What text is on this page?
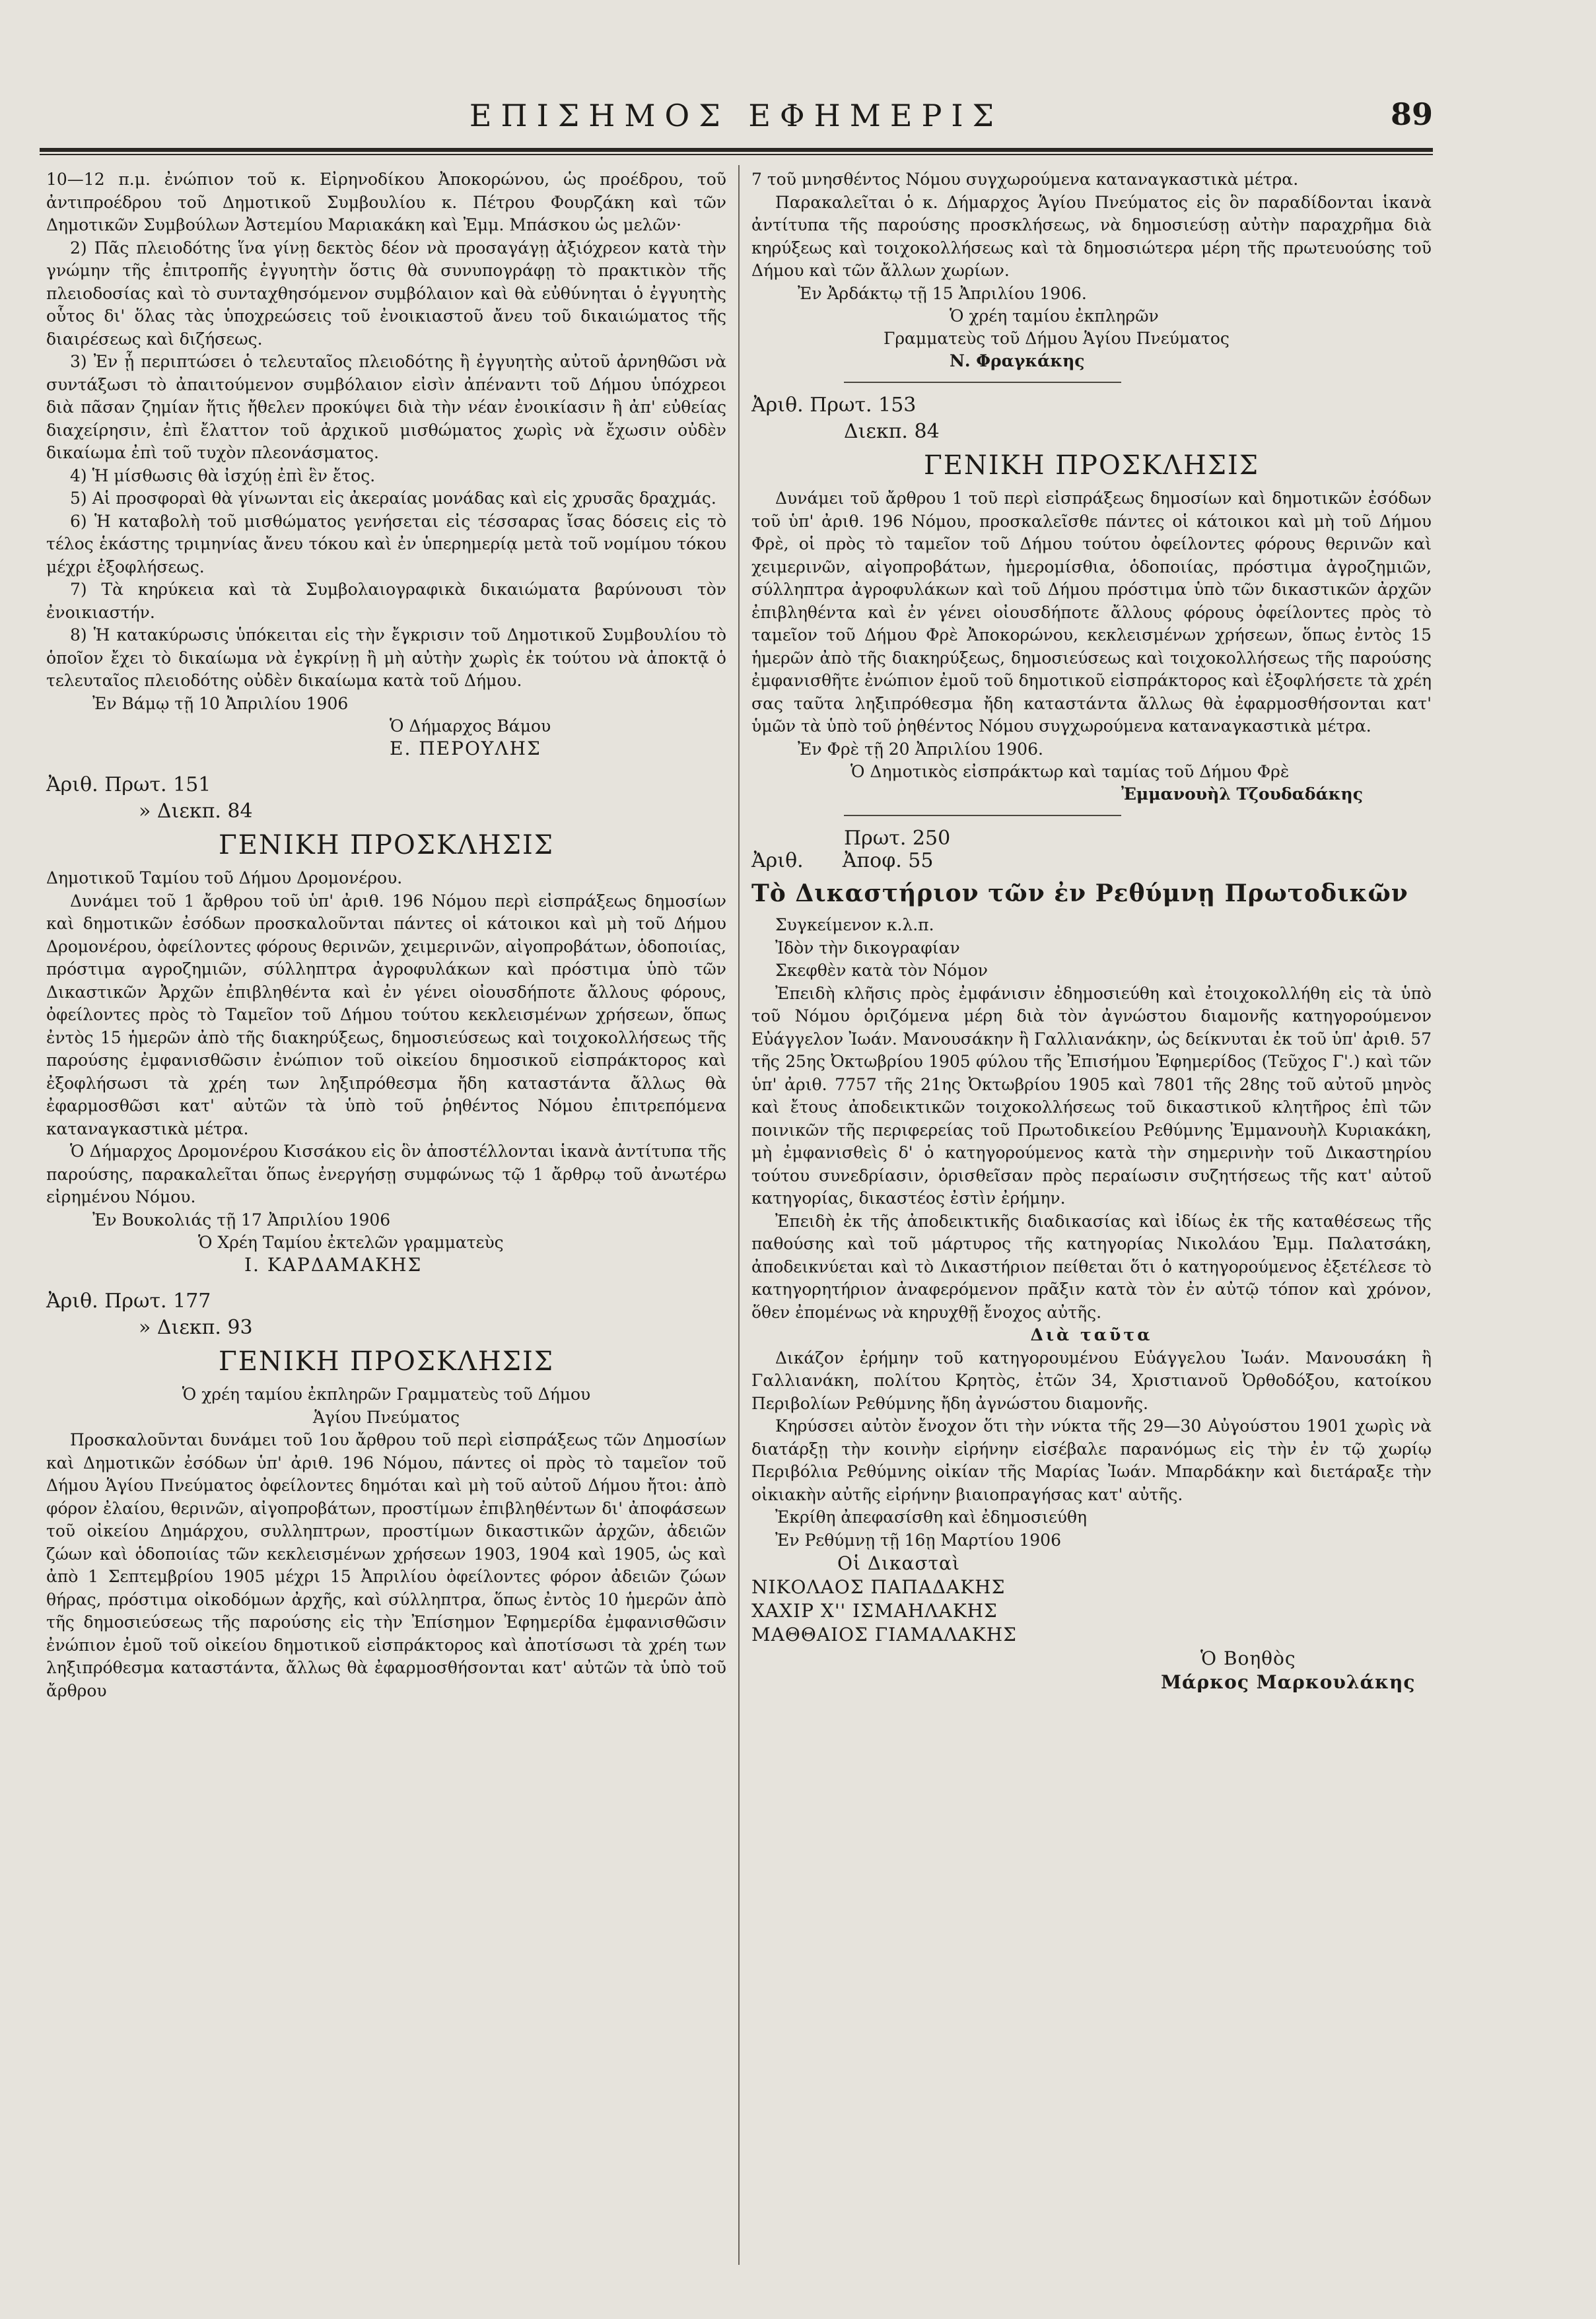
ΕΠΙΣΗΜΟΣ ΕΦΗΜΕΡΙΣ	89

10—12 π.μ. ἐνώπιον τοῦ κ. Εἰρηνοδίκου Ἀποκορώνου, ὡς προέδρου, τοῦ ἀντιπροέδρου τοῦ Δημοτικοῦ Συμβουλίου κ. Πέτρου Φουρζάκη καὶ τῶν Δημοτικῶν Συμβούλων Ἀστεμίου Μαριακάκη καὶ Ἐμμ. Μπάσκου ὡς μελῶν·

2) Πᾶς πλειοδότης ἵνα γίνῃ δεκτὸς δέον νὰ προσαγάγῃ ἀξιόχρεον κατὰ τὴν γνώμην τῆς ἐπιτροπῆς ἐγγυητὴν ὅστις θὰ συνυπογράφῃ τὸ πρακτικὸν τῆς πλειοδοσίας καὶ τὸ συνταχθησόμενον συμβόλαιον καὶ θὰ εὐθύνηται ὁ ἐγγυητὴς οὗτος δι' ὅλας τὰς ὑποχρεώσεις τοῦ ἐνοικιαστοῦ ἄνευ τοῦ δικαιώματος τῆς διαιρέσεως καὶ διζήσεως.

3) Ἐν ᾗ περιπτώσει ὁ τελευταῖος πλειοδότης ἢ ἐγγυητὴς αὐτοῦ ἀρνηθῶσι νὰ συντάξωσι τὸ ἀπαιτούμενον συμβόλαιον εἰσὶν ἀπέναντι τοῦ Δήμου ὑπόχρεοι διὰ πᾶσαν ζημίαν ἥτις ἤθελεν προκύψει διὰ τὴν νέαν ἐνοικίασιν ἢ ἀπ' εὐθείας διαχείρησιν, ἐπὶ ἔλαττον τοῦ ἀρχικοῦ μισθώματος χωρὶς νὰ ἔχωσιν οὐδὲν δικαίωμα ἐπὶ τοῦ τυχὸν πλεονάσματος.

4) Ἡ μίσθωσις θὰ ἰσχύῃ ἐπὶ ἓν ἔτος.

5) Αἱ προσφοραὶ θὰ γίνωνται εἰς ἀκεραίας μονάδας καὶ εἰς χρυσᾶς δραχμάς.

6) Ἡ καταβολὴ τοῦ μισθώματος γενήσεται εἰς τέσσαρας ἴσας δόσεις εἰς τὸ τέλος ἑκάστης τριμηνίας ἄνευ τόκου καὶ ἐν ὑπερημερίᾳ μετὰ τοῦ νομίμου τόκου μέχρι ἐξοφλήσεως.

7) Τὰ κηρύκεια καὶ τὰ Συμβολαιογραφικὰ δικαιώματα βαρύνουσι τὸν ἐνοικιαστήν.

8) Ἡ κατακύρωσις ὑπόκειται εἰς τὴν ἔγκρισιν τοῦ Δημοτικοῦ Συμβουλίου τὸ ὁποῖον ἔχει τὸ δικαίωμα νὰ ἐγκρίνῃ ἢ μὴ αὐτὴν χωρὶς ἐκ τούτου νὰ ἀποκτᾷ ὁ τελευταῖος πλειοδότης οὐδὲν δικαίωμα κατὰ τοῦ Δήμου.

Ἐν Βάμῳ τῇ 10 Ἀπριλίου 1906

Ὁ Δήμαρχος Βάμου

Ε. ΠΕΡΟΥΛΗΣ

Ἀριθ. Πρωτ. 151

» Διεκπ. 84

ΓΕΝΙΚΗ ΠΡΟΣΚΛΗΣΙΣ

Δημοτικοῦ Ταμίου τοῦ Δήμου Δρομονέρου.

Δυνάμει τοῦ 1 ἄρθρου τοῦ ὑπ' ἀριθ. 196 Νόμου περὶ εἰσπράξεως δημοσίων καὶ δημοτικῶν ἐσόδων προσκαλοῦνται πάντες οἱ κάτοικοι καὶ μὴ τοῦ Δήμου Δρομονέρου, ὀφείλοντες φόρους θερινῶν, χειμερινῶν, αἰγοπροβάτων, ὁδοποιίας, πρόστιμα αγροζημιῶν, σύλληπτρα ἀγροφυλάκων καὶ πρόστιμα ὑπὸ τῶν Δικαστικῶν Ἀρχῶν ἐπιβληθέντα καὶ ἐν γένει οἰουσδήποτε ἄλλους φόρους, ὀφείλοντες πρὸς τὸ Ταμεῖον τοῦ Δήμου τούτου κεκλεισμένων χρήσεων, ὅπως ἐντὸς 15 ἡμερῶν ἀπὸ τῆς διακηρύξεως, δημοσιεύσεως καὶ τοιχοκολλήσεως τῆς παρούσης ἐμφανισθῶσιν ἐνώπιον τοῦ οἰκείου δημοσικοῦ εἰσπράκτορος καὶ ἐξοφλήσωσι τὰ χρέη των ληξιπρόθεσμα ἤδη καταστάντα ἄλλως θὰ ἐφαρμοσθῶσι κατ' αὐτῶν τὰ ὑπὸ τοῦ ῥηθέντος Νόμου ἐπιτρεπόμενα καταναγκαστικὰ μέτρα.

Ὁ Δήμαρχος Δρομονέρου Κισσάκου εἰς ὃν ἀποστέλλονται ἱκανὰ ἀντίτυπα τῆς παρούσης, παρακαλεῖται ὅπως ἐνεργήσῃ συμφώνως τῷ 1 ἄρθρῳ τοῦ ἀνωτέρω εἰρημένου Νόμου.

Ἐν Βουκολιάς τῇ 17 Ἀπριλίου 1906

Ὁ Χρέη Ταμίου ἐκτελῶν γραμματεὺς

Ι. ΚΑΡΔΑΜΑΚΗΣ

Ἀριθ. Πρωτ. 177

» Διεκπ. 93

ΓΕΝΙΚΗ ΠΡΟΣΚΛΗΣΙΣ

Ὁ χρέη ταμίου ἐκπληρῶν Γραμματεὺς τοῦ Δήμου

Ἁγίου Πνεύματος

Προσκαλοῦνται δυνάμει τοῦ 1ου ἄρθρου τοῦ περὶ εἰσπράξεως τῶν Δημοσίων καὶ Δημοτικῶν ἐσόδων ὑπ' ἀριθ. 196 Νόμου, πάντες οἱ πρὸς τὸ ταμεῖον τοῦ Δήμου Ἁγίου Πνεύματος ὀφείλοντες δημόται καὶ μὴ τοῦ αὐτοῦ Δήμου ἤτοι: ἀπὸ φόρον ἐλαίου, θερινῶν, αἰγοπροβάτων, προστίμων ἐπιβληθέντων δι' ἀποφάσεων τοῦ οἰκείου Δημάρχου, συλληπτρων, προστίμων δικαστικῶν ἀρχῶν, ἀδειῶν ζώων καὶ ὁδοποιίας τῶν κεκλεισμένων χρήσεων 1903, 1904 καὶ 1905, ὡς καὶ ἀπὸ 1 Σεπτεμβρίου 1905 μέχρι 15 Ἀπριλίου ὀφείλοντες φόρον ἀδειῶν ζώων θήρας, πρόστιμα οἰκοδόμων ἀρχῆς, καὶ σύλληπτρα, ὅπως ἐντὸς 10 ἡμερῶν ἀπὸ τῆς δημοσιεύσεως τῆς παρούσης εἰς τὴν Ἐπίσημον Ἐφημερίδα ἐμφανισθῶσιν ἐνώπιον ἐμοῦ τοῦ οἰκείου δημοτικοῦ εἰσπράκτορος καὶ ἀποτίσωσι τὰ χρέη των ληξιπρόθεσμα καταστάντα, ἄλλως θὰ ἐφαρμοσθήσονται κατ' αὐτῶν τὰ ὑπὸ τοῦ ἄρθρου

7 τοῦ μνησθέντος Νόμου συγχωρούμενα καταναγκαστικὰ μέτρα.

Παρακαλεῖται ὁ κ. Δήμαρχος Ἁγίου Πνεύματος εἰς ὃν παραδίδονται ἱκανὰ ἀντίτυπα τῆς παρούσης προσκλήσεως, νὰ δημοσιεύσῃ αὐτὴν παραχρῆμα διὰ κηρύξεως καὶ τοιχοκολλήσεως καὶ τὰ δημοσιώτερα μέρη τῆς πρωτευούσης τοῦ Δήμου καὶ τῶν ἄλλων χωρίων.

Ἐν Ἀρδάκτῳ τῇ 15 Ἀπριλίου 1906.

Ὁ χρέη ταμίου ἐκπληρῶν

Γραμματεὺς τοῦ Δήμου Ἁγίου Πνεύματος

Ν. Φραγκάκης

Ἀριθ. Πρωτ. 153

Διεκπ. 84

ΓΕΝΙΚΗ ΠΡΟΣΚΛΗΣΙΣ

Δυνάμει τοῦ ἄρθρου 1 τοῦ περὶ εἰσπράξεως δημοσίων καὶ δημοτικῶν ἐσόδων τοῦ ὑπ' ἀριθ. 196 Νόμου, προσκαλεῖσθε πάντες οἱ κάτοικοι καὶ μὴ τοῦ Δήμου Φρὲ, οἱ πρὸς τὸ ταμεῖον τοῦ Δήμου τούτου ὀφείλοντες φόρους θερινῶν καὶ χειμερινῶν, αἰγοπροβάτων, ἡμερομίσθια, ὁδοποιίας, πρόστιμα ἀγροζημιῶν, σύλληπτρα ἀγροφυλάκων καὶ τοῦ Δήμου πρόστιμα ὑπὸ τῶν δικαστικῶν ἀρχῶν ἐπιβληθέντα καὶ ἐν γένει οἰουσδήποτε ἄλλους φόρους ὀφείλοντες πρὸς τὸ ταμεῖον τοῦ Δήμου Φρὲ Ἀποκορώνου, κεκλεισμένων χρήσεων, ὅπως ἐντὸς 15 ἡμερῶν ἀπὸ τῆς διακηρύξεως, δημοσιεύσεως καὶ τοιχοκολλήσεως τῆς παρούσης ἐμφανισθῆτε ἐνώπιον ἐμοῦ τοῦ δημοτικοῦ εἰσπράκτορος καὶ ἐξοφλήσετε τὰ χρέη σας ταῦτα ληξιπρόθεσμα ἤδη καταστάντα ἄλλως θὰ ἐφαρμοσθήσονται κατ' ὑμῶν τὰ ὑπὸ τοῦ ῥηθέντος Νόμου συγχωρούμενα καταναγκαστικὰ μέτρα.

Ἐν Φρὲ τῇ 20 Ἀπριλίου 1906.

Ὁ Δημοτικὸς εἰσπράκτωρ καὶ ταμίας τοῦ Δήμου Φρὲ

Ἐμμανουὴλ Τζουδαδάκης

Πρωτ. 250

Ἀριθ. Ἀποφ. 55

Τὸ Δικαστήριον τῶν ἐν Ρεθύμνῃ Πρωτοδικῶν

Συγκείμενον κ.λ.π.

Ἰδὸν τὴν δικογραφίαν

Σκεφθὲν κατὰ τὸν Νόμον

Ἐπειδὴ κλῆσις πρὸς ἐμφάνισιν ἐδημοσιεύθη καὶ ἐτοιχοκολλήθη εἰς τὰ ὑπὸ τοῦ Νόμου ὁριζόμενα μέρη διὰ τὸν ἀγνώστου διαμονῆς κατηγορούμενον Εὐάγγελον Ἰωάν. Μανουσάκην ἢ Γαλλιανάκην, ὡς δείκνυται ἐκ τοῦ ὑπ' ἀριθ. 57 τῆς 25ης Ὀκτωβρίου 1905 φύλου τῆς Ἐπισήμου Ἐφημερίδος (Τεῦχος Γ'.) καὶ τῶν ὑπ' ἀριθ. 7757 τῆς 21ης Ὀκτωβρίου 1905 καὶ 7801 τῆς 28ης τοῦ αὐτοῦ μηνὸς καὶ ἔτους ἀποδεικτικῶν τοιχοκολλήσεως τοῦ δικαστικοῦ κλητῆρος ἐπὶ τῶν ποινικῶν τῆς περιφερείας τοῦ Πρωτοδικείου Ρεθύμνης Ἐμμανουὴλ Κυριακάκη, μὴ ἐμφανισθεὶς δ' ὁ κατηγορούμενος κατὰ τὴν σημερινὴν τοῦ Δικαστηρίου τούτου συνεδρίασιν, ὁρισθεῖσαν πρὸς περαίωσιν συζητήσεως τῆς κατ' αὐτοῦ κατηγορίας, δικαστέος ἐστὶν ἐρήμην.

Ἐπειδὴ ἐκ τῆς ἀποδεικτικῆς διαδικασίας καὶ ἰδίως ἐκ τῆς καταθέσεως τῆς παθούσης καὶ τοῦ μάρτυρος τῆς κατηγορίας Νικολάου Ἐμμ. Παλατσάκη, ἀποδεικνύεται καὶ τὸ Δικαστήριον πείθεται ὅτι ὁ κατηγορούμενος ἐξετέλεσε τὸ κατηγορητήριον ἀναφερόμενον πρᾶξιν κατὰ τὸν ἐν αὐτῷ τόπον καὶ χρόνον, ὅθεν ἐπομένως νὰ κηρυχθῇ ἔνοχος αὐτῆς.

Διὰ ταῦτα

Δικάζον ἐρήμην τοῦ κατηγορουμένου Εὐάγγελου Ἰωάν. Μανουσάκη ἢ Γαλλιανάκη, πολίτου Κρητὸς, ἐτῶν 34, Χριστιανοῦ Ὀρθοδόξου, κατοίκου Περιβολίων Ρεθύμνης ἤδη ἀγνώστου διαμονῆς.

Κηρύσσει αὐτὸν ἔνοχον ὅτι τὴν νύκτα τῆς 29—30 Αὐγούστου 1901 χωρὶς νὰ διατάρξῃ τὴν κοινὴν εἰρήνην εἰσέβαλε παρανόμως εἰς τὴν ἐν τῷ χωρίῳ Περιβόλια Ρεθύμνης οἰκίαν τῆς Μαρίας Ἰωάν. Μπαρδάκην καὶ διετάραξε τὴν οἰκιακὴν αὐτῆς εἰρήνην βιαιοπραγήσας κατ' αὐτῆς.

Ἐκρίθη ἀπεφασίσθη καὶ ἐδημοσιεύθη

Ἐν Ρεθύμνῃ τῇ 16ῃ Μαρτίου 1906

Οἱ Δικασταὶ

ΝΙΚΟΛΑΟΣ ΠΑΠΑΔΑΚΗΣ

ΧΑΧΙΡ Χ'' ΙΣΜΑΗΛΑΚΗΣ

ΜΑΘΘΑΙΟΣ ΓΙΑΜΑΛΑΚΗΣ

Ὁ Βοηθὸς

Μάρκος Μαρκουλάκης
